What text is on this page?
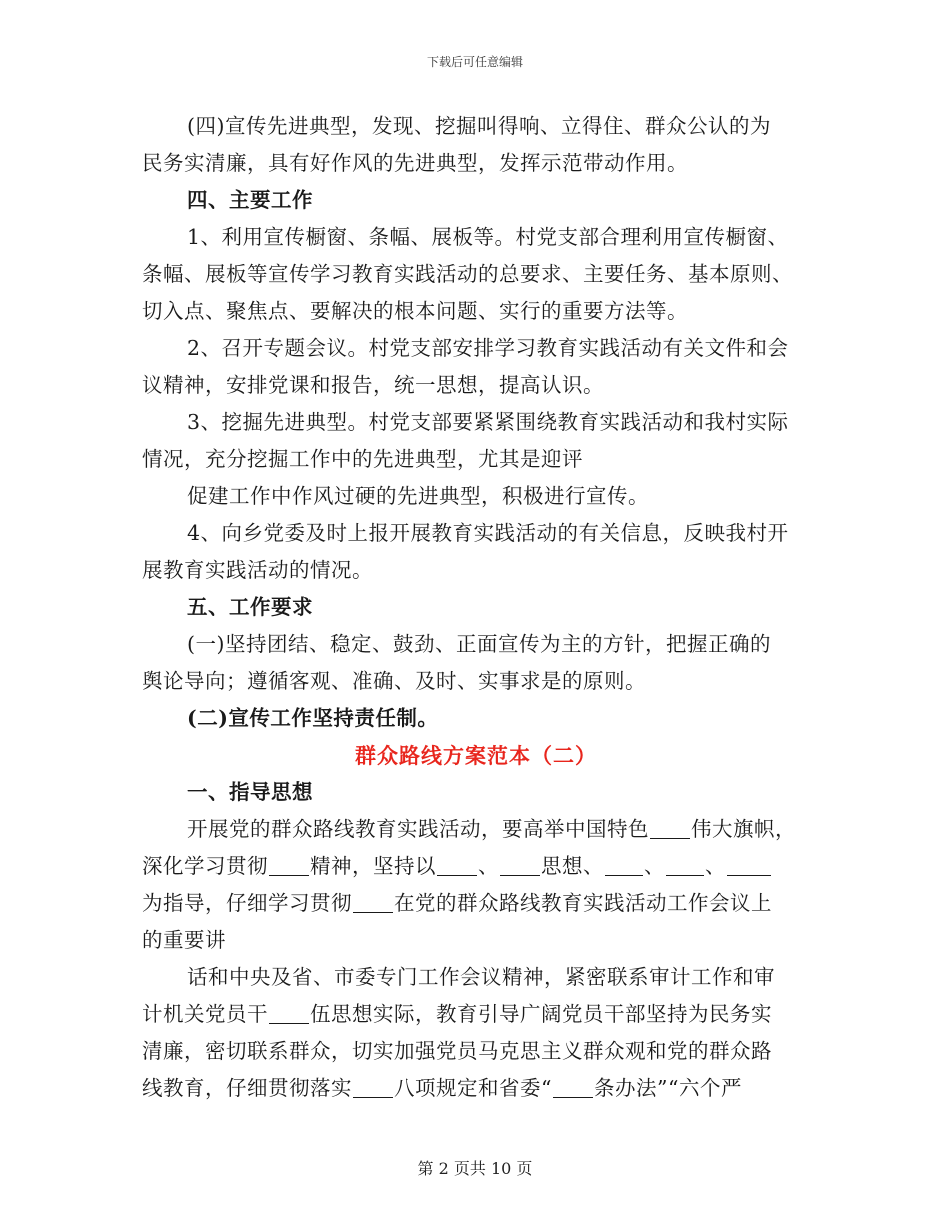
下载后可任意编辑
(四)宣传先进典型，发现、挖掘叫得响、立得住、群众公认的为
民务实清廉，具有好作风的先进典型，发挥示范带动作用。
四、主要工作
1、利用宣传橱窗、条幅、展板等。村党支部合理利用宣传橱窗、
条幅、展板等宣传学习教育实践活动的总要求、主要任务、基本原则、
切入点、聚焦点、要解决的根本问题、实行的重要方法等。
2、召开专题会议。村党支部安排学习教育实践活动有关文件和会
议精神，安排党课和报告，统一思想，提高认识。
3、挖掘先进典型。村党支部要紧紧围绕教育实践活动和我村实际
情况，充分挖掘工作中的先进典型，尤其是迎评
促建工作中作风过硬的先进典型，积极进行宣传。
4、向乡党委及时上报开展教育实践活动的有关信息，反映我村开
展教育实践活动的情况。
五、工作要求
(一)坚持团结、稳定、鼓劲、正面宣传为主的方针，把握正确的
舆论导向；遵循客观、准确、及时、实事求是的原则。
(二)宣传工作坚持责任制。
群众路线方案范本（二）
一、指导思想
开展党的群众路线教育实践活动，要高举中国特色 伟大旗帜，
深化学习贯彻 精神，坚持以 、 思想、 、 、
为指导，仔细学习贯彻 在党的群众路线教育实践活动工作会议上
的重要讲
话和中央及省、市委专门工作会议精神，紧密联系审计工作和审
计机关党员干 伍思想实际，教育引导广阔党员干部坚持为民务实
清廉，密切联系群众，切实加强党员马克思主义群众观和党的群众路
线教育，仔细贯彻落实 八项规定和省委“ 条办法”“六个严
第 2 页共 10 页
